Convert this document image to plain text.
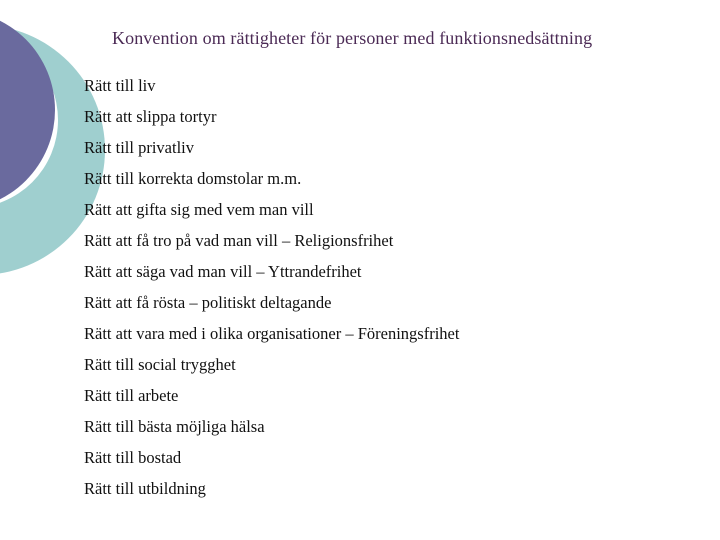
Konvention om rättigheter för personer med funktionsnedsättning
Rätt till liv
Rätt att slippa tortyr
Rätt till privatliv
Rätt till korrekta domstolar m.m.
Rätt att gifta sig med vem man vill
Rätt att få tro på vad man vill – Religionsfrihet
Rätt att säga vad man vill – Yttrandefrihet
Rätt att få rösta – politiskt deltagande
Rätt att vara med i olika organisationer – Föreningsfrihet
Rätt till social trygghet
Rätt till arbete
Rätt till bästa möjliga hälsa
Rätt till bostad
Rätt till utbildning
